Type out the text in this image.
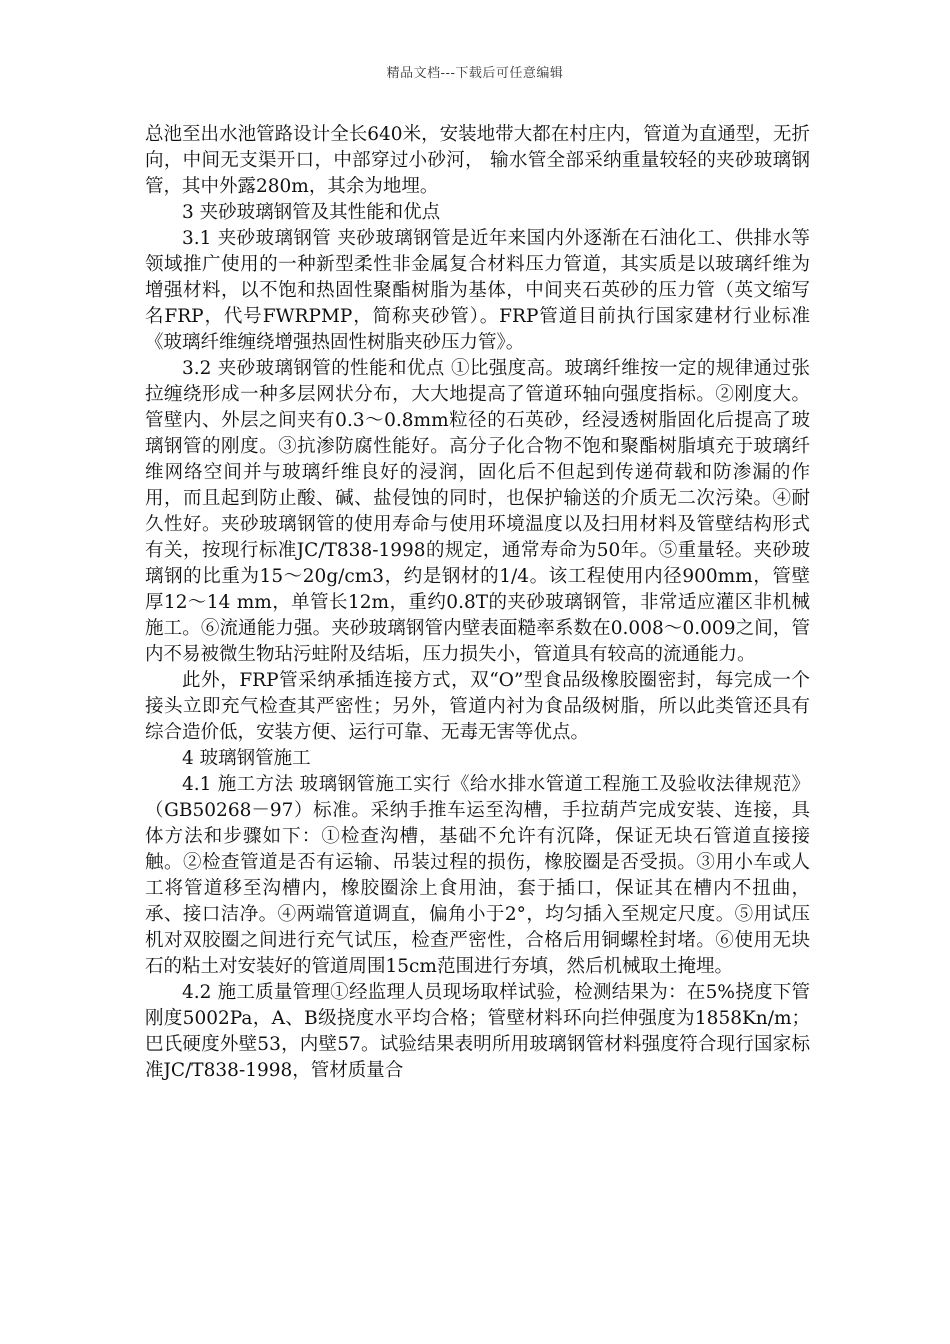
精品文档---下载后可任意编辑

总池至出水池管路设计全长640米，安装地带大都在村庄内，管道为直通型，无折向，中间无支渠开口，中部穿过小砂河， 输水管全部采纳重量较轻的夹砂玻璃钢管，其中外露280m，其余为地埋。

3 夹砂玻璃钢管及其性能和优点

3.1 夹砂玻璃钢管 夹砂玻璃钢管是近年来国内外逐渐在石油化工、供排水等领域推广使用的一种新型柔性非金属复合材料压力管道，其实质是以玻璃纤维为增强材料，以不饱和热固性聚酯树脂为基体，中间夹石英砂的压力管（英文缩写名FRP，代号FWRPMP，简称夹砂管）。FRP管道目前执行国家建材行业标准《玻璃纤维缠绕增强热固性树脂夹砂压力管》。

3.2 夹砂玻璃钢管的性能和优点 ①比强度高。玻璃纤维按一定的规律通过张拉缠绕形成一种多层网状分布，大大地提高了管道环轴向强度指标。②刚度大。管壁内、外层之间夹有0.3～0.8mm粒径的石英砂，经浸透树脂固化后提高了玻璃钢管的刚度。③抗渗防腐性能好。高分子化合物不饱和聚酯树脂填充于玻璃纤维网络空间并与玻璃纤维良好的浸润，固化后不但起到传递荷载和防渗漏的作用，而且起到防止酸、碱、盐侵蚀的同时，也保护输送的介质无二次污染。④耐久性好。夹砂玻璃钢管的使用寿命与使用环境温度以及扫用材料及管壁结构形式有关，按现行标准JC/T838-1998的规定，通常寿命为50年。⑤重量轻。夹砂玻璃钢的比重为15～20g/cm3，约是钢材的1/4。该工程使用内径900mm，管壁厚12～14 mm，单管长12m，重约0.8T的夹砂玻璃钢管，非常适应灌区非机械施工。⑥流通能力强。夹砂玻璃钢管内壁表面糙率系数在0.008～0.009之间，管内不易被微生物玷污蛀附及结垢，压力损失小，管道具有较高的流通能力。

此外，FRP管采纳承插连接方式，双“O”型食品级橡胶圈密封，每完成一个接头立即充气检查其严密性；另外，管道内衬为食品级树脂，所以此类管还具有综合造价低，安装方便、运行可靠、无毒无害等优点。

4 玻璃钢管施工

4.1 施工方法 玻璃钢管施工实行《给水排水管道工程施工及验收法律规范》（GB50268－97）标准。采纳手推车运至沟槽，手拉葫芦完成安装、连接，具体方法和步骤如下：①检查沟槽，基础不允许有沉降，保证无块石管道直接接触。②检查管道是否有运输、吊装过程的损伤，橡胶圈是否受损。③用小车或人工将管道移至沟槽内，橡胶圈涂上食用油，套于插口，保证其在槽内不扭曲，承、接口洁净。④两端管道调直，偏角小于2°，均匀插入至规定尺度。⑤用试压机对双胶圈之间进行充气试压，检查严密性，合格后用铜螺栓封堵。⑥使用无块石的粘土对安装好的管道周围15cm范围进行夯填，然后机械取土掩埋。

4.2 施工质量管理①经监理人员现场取样试验，检测结果为：在5%挠度下管刚度5002Pa，A、B级挠度水平均合格；管壁材料环向拦伸强度为1858Kn/m；巴氏硬度外壁53，内壁57。试验结果表明所用玻璃钢管材料强度符合现行国家标准JC/T838-1998，管材质量合
